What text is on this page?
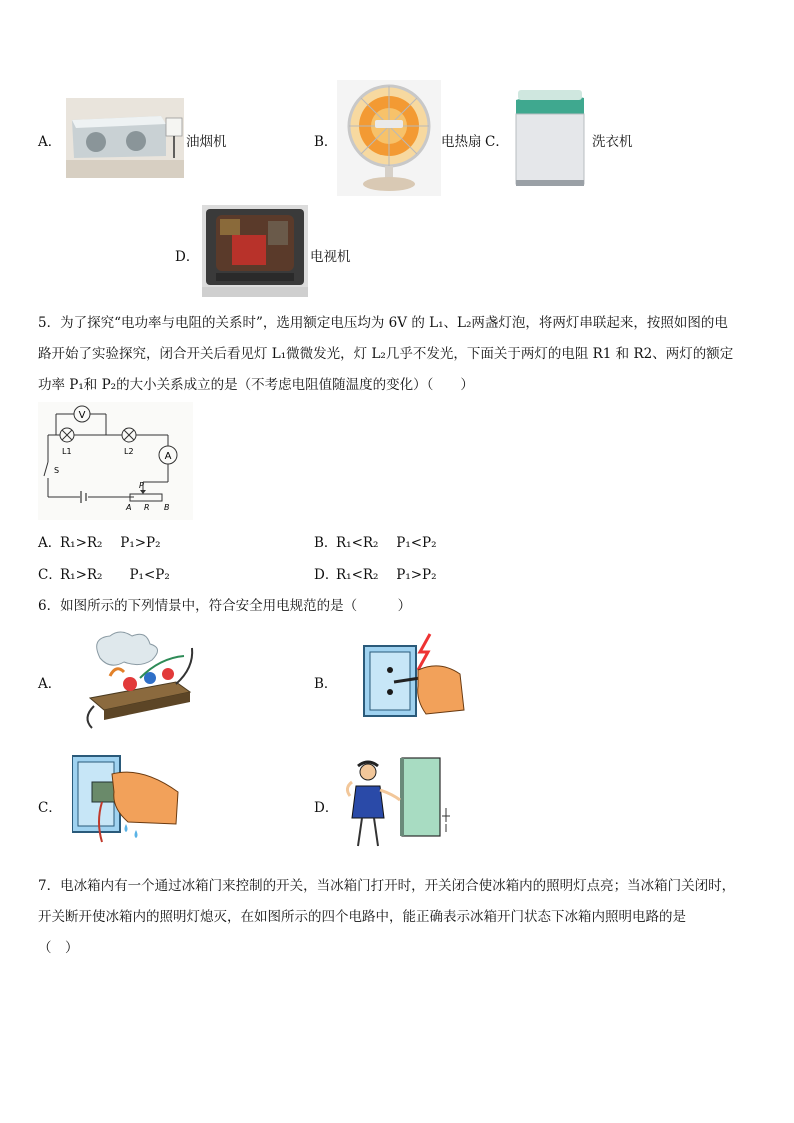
A．	油烟机	B．	电热扇 C．	洗衣机
D．	电视机
5．为了探究“电功率与电阻的关系时”，选用额定电压均为 6V 的 L₁、L₂两盏灯泡，将两灯串联起来，按照如图的电
路开始了实验探究，闭合开关后看见灯 L₁微微发光，灯 L₂几乎不发光，下面关于两灯的电阻 R1 和 R2、两灯的额定
功率 P₁和 P₂的大小关系成立的是（不考虑电阻值随温度的变化）（　　）
V
A
L1	L2
S
P
A R B
A．
R₁>R₂　 P₁>P₂	B．
R₁<R₂　 P₁<P₂
C．
R₁>R₂　　P₁<P₂	D．
R₁<R₂　 P₁>P₂
6．如图所示的下列情景中，符合安全用电规范的是（　　　）
A．	B．
C．	D．
7．电冰箱内有一个通过冰箱门来控制的开关，当冰箱门打开时，开关闭合使冰箱内的照明灯点亮；当冰箱门关闭时，
开关断开使冰箱内的照明灯熄灭，在如图所示的四个电路中，能正确表示冰箱开门状态下冰箱内照明电路的是
（　）
